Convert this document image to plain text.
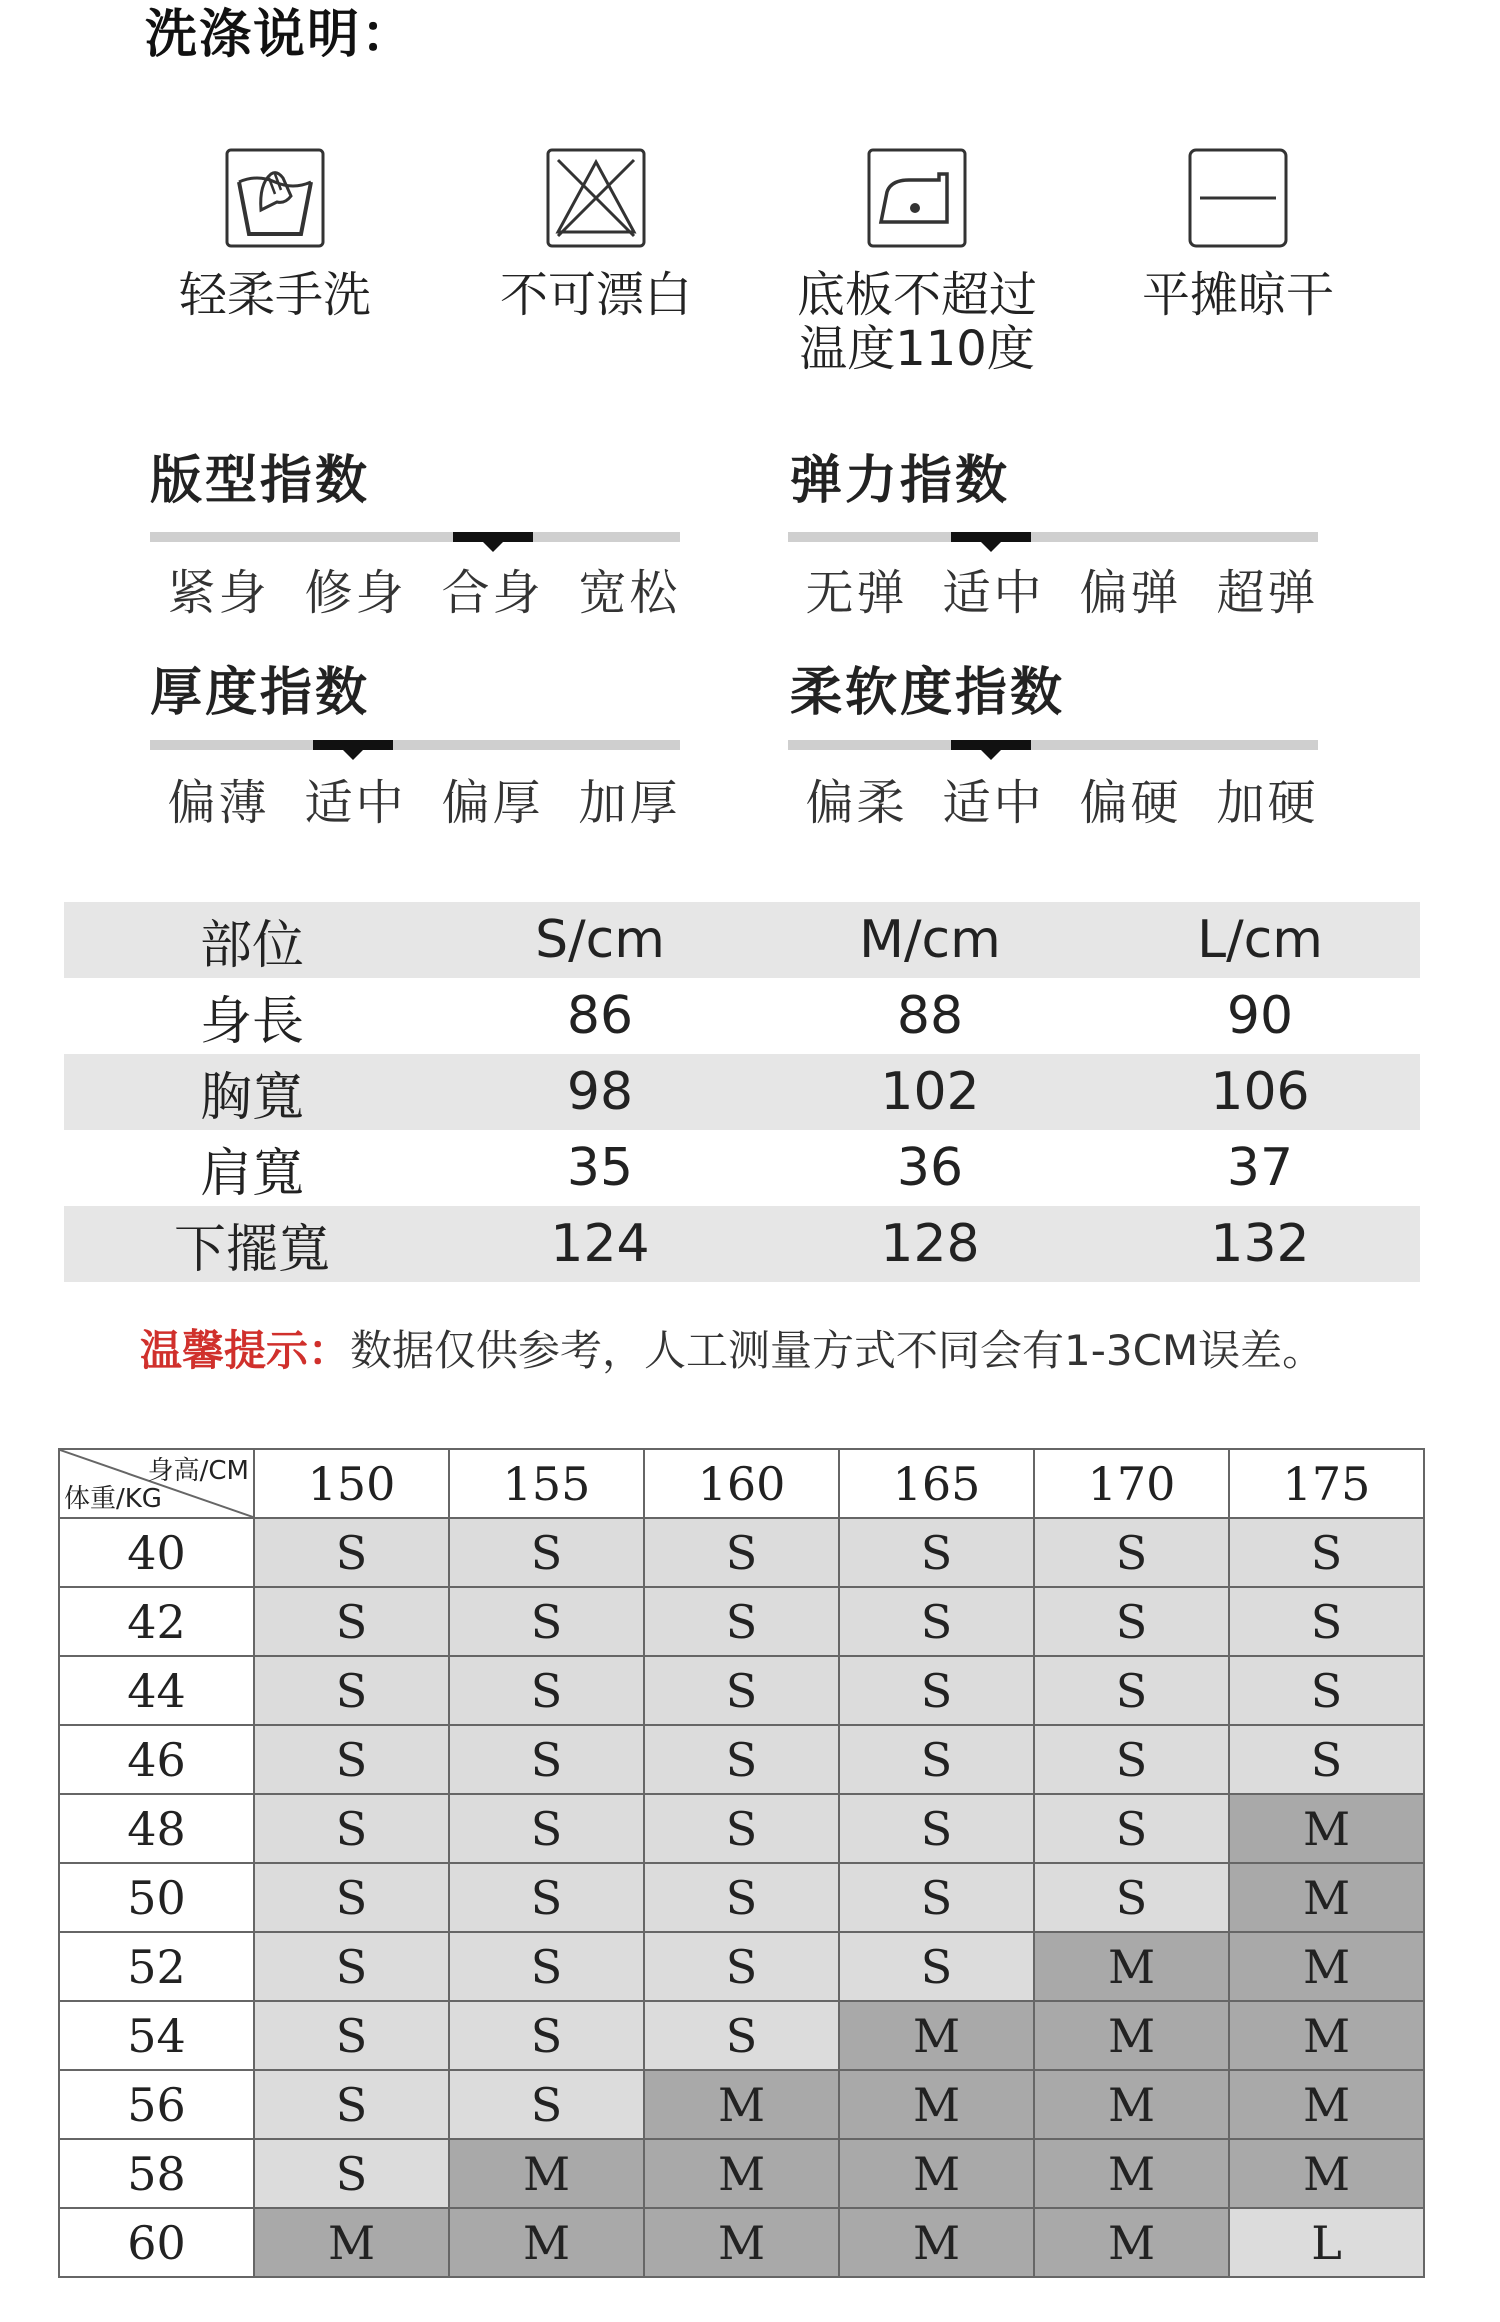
洗涤说明：
轻柔手洗	不可漂白	底板不超过
温度110度
平摊晾干
版型指数
紧身 修身 合身 宽松
弹力指数
无弹 适中 偏弹 超弹
厚度指数
偏薄 适中 偏厚 加厚
柔软度指数
偏柔 适中 偏硬 加硬
部位	S/cm	M/cm	L/cm
身長	86	88	90
胸寬	98	102	106
肩寬	35	36	37
下擺寬	124	128	132
温馨提示：数据仅供参考，人工测量方式不同会有1-3CM误差。
身高/CM
体重/KG	150	155	160	165	170	175
40	S	S	S	S	S	S
42	S	S	S	S	S	S
44	S	S	S	S	S	S
46	S	S	S	S	S	S
48	S	S	S	S	S	M
50	S	S	S	S	S	M
52	S	S	S	S	M	M
54	S	S	S	M	M	M
56	S	S	M	M	M	M
58	S	M	M	M	M	M
60	M	M	M	M	M	L
